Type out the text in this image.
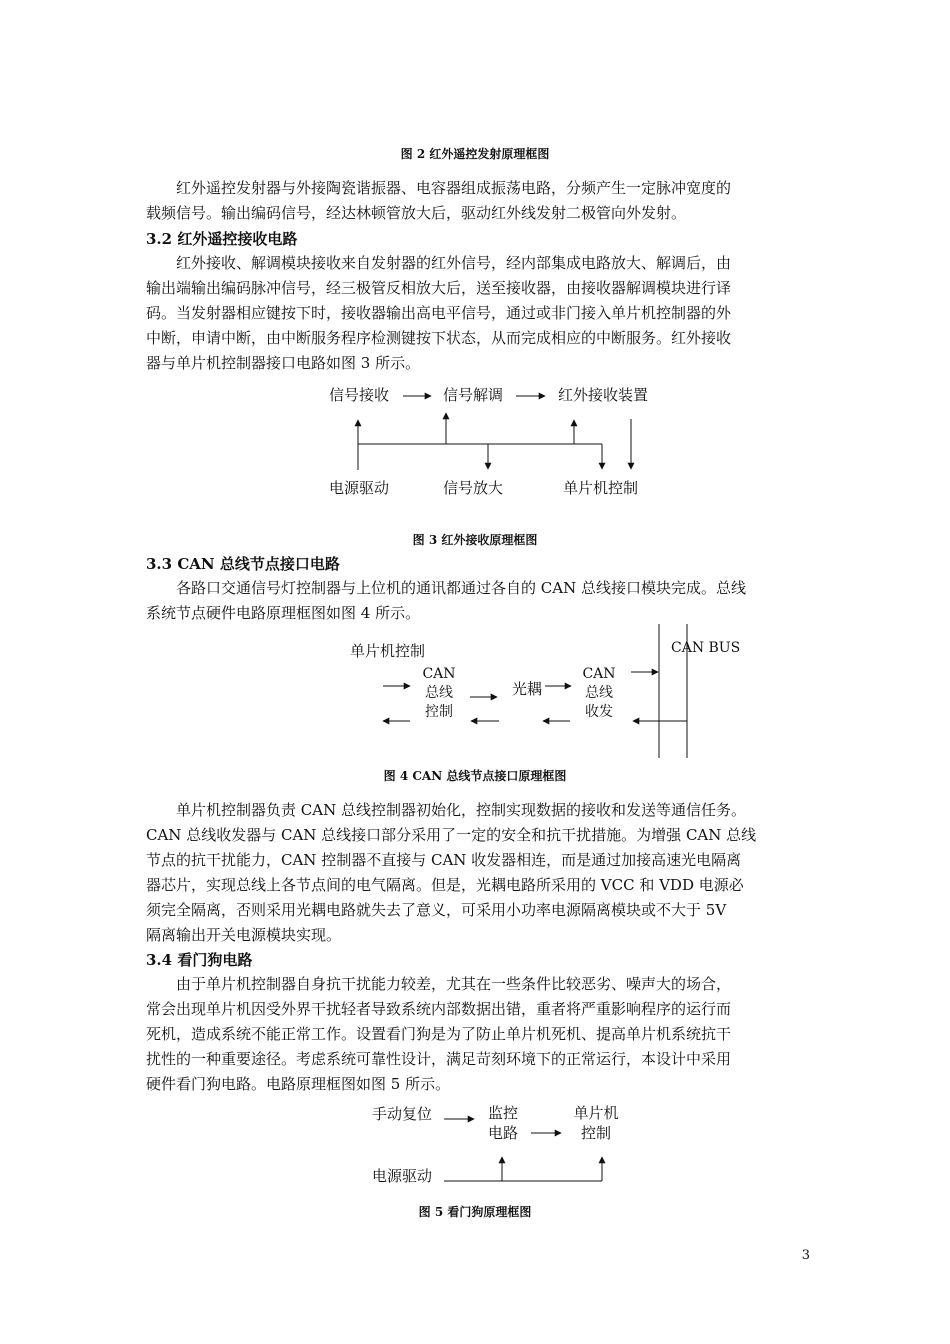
图 2 红外遥控发射原理框图
红外遥控发射器与外接陶瓷谐振器、电容器组成振荡电路，分频产生一定脉冲宽度的
载频信号。输出编码信号，经达林顿管放大后，驱动红外线发射二极管向外发射。
3.2 红外遥控接收电路
红外接收、解调模块接收来自发射器的红外信号，经内部集成电路放大、解调后，由
输出端输出编码脉冲信号，经三极管反相放大后，送至接收器，由接收器解调模块进行译
码。当发射器相应键按下时，接收器输出高电平信号，通过或非门接入单片机控制器的外
中断，申请中断，由中断服务程序检测键按下状态，从而完成相应的中断服务。红外接收
器与单片机控制器接口电路如图 3 所示。
信号接收	信号解调	红外接收装置
电源驱动	信号放大	单片机控制
图 3 红外接收原理框图
3.3 CAN 总线节点接口电路
各路口交通信号灯控制器与上位机的通讯都通过各自的 CAN 总线接口模块完成。总线
系统节点硬件电路原理框图如图 4 所示。
单片机控制	CAN BUS
CAN
总线
控制
光耦
CAN
总线
收发
图 4 CAN 总线节点接口原理框图
单片机控制器负责 CAN 总线控制器初始化，控制实现数据的接收和发送等通信任务。
CAN 总线收发器与 CAN 总线接口部分采用了一定的安全和抗干扰措施。为增强 CAN 总线
节点的抗干扰能力，CAN 控制器不直接与 CAN 收发器相连，而是通过加接高速光电隔离
器芯片，实现总线上各节点间的电气隔离。但是，光耦电路所采用的 VCC 和 VDD 电源必
须完全隔离，否则采用光耦电路就失去了意义，可采用小功率电源隔离模块或不大于 5V
隔离输出开关电源模块实现。
3.4 看门狗电路
由于单片机控制器自身抗干扰能力较差，尤其在一些条件比较恶劣、噪声大的场合，
常会出现单片机因受外界干扰轻者导致系统内部数据出错，重者将严重影响程序的运行而
死机，造成系统不能正常工作。设置看门狗是为了防止单片机死机、提高单片机系统抗干
扰性的一种重要途径。考虑系统可靠性设计，满足苛刻环境下的正常运行，本设计中采用
硬件看门狗电路。电路原理框图如图 5 所示。
手动复位	监控
电路
单片机
控制
电源驱动
图 5 看门狗原理框图
3
